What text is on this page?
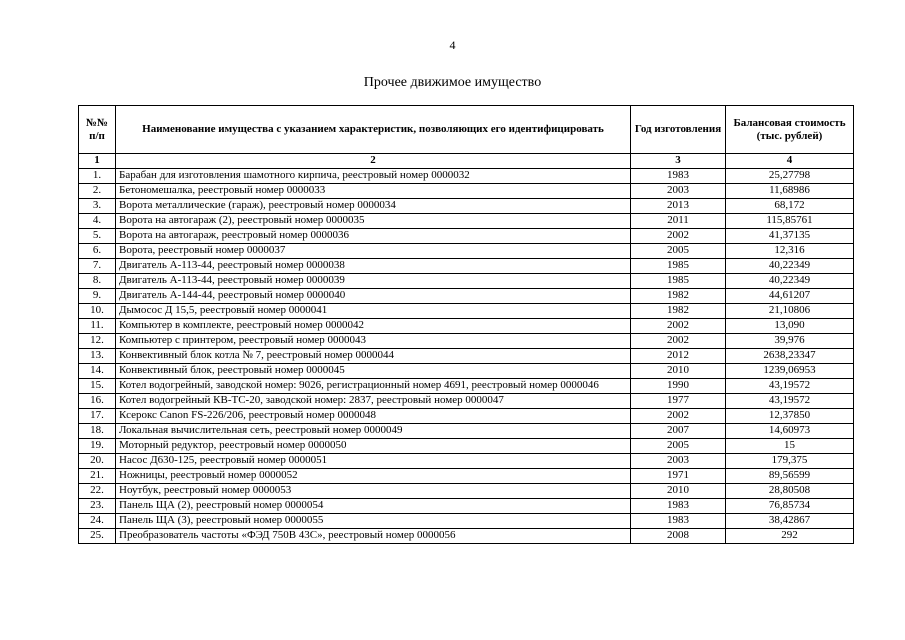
4
Прочее движимое имущество
№№ п/п	Наименование имущества с указанием характеристик, позволяющих его идентифицировать	Год изготовления	Балансовая стоимость (тыс. рублей)
1	2	3	4
1.	Барабан для изготовления шамотного кирпича, реестровый номер 0000032	1983	25,27798
2.	Бетономешалка, реестровый номер 0000033	2003	11,68986
3.	Ворота металлические (гараж), реестровый номер 0000034	2013	68,172
4.	Ворота на автогараж (2), реестровый номер 0000035	2011	115,85761
5.	Ворота на автогараж, реестровый номер 0000036	2002	41,37135
6.	Ворота, реестровый номер 0000037	2005	12,316
7.	Двигатель А-113-44, реестровый номер 0000038	1985	40,22349
8.	Двигатель А-113-44, реестровый номер 0000039	1985	40,22349
9.	Двигатель А-144-44, реестровый номер 0000040	1982	44,61207
10.	Дымосос Д 15,5, реестровый номер 0000041	1982	21,10806
11.	Компьютер в комплекте, реестровый номер 0000042	2002	13,090
12.	Компьютер с принтером, реестровый номер 0000043	2002	39,976
13.	Конвективный блок котла № 7, реестровый номер 0000044	2012	2638,23347
14.	Конвективный блок, реестровый номер 0000045	2010	1239,06953
15.	Котел водогрейный, заводской номер: 9026, регистрационный номер 4691, реестровый номер 0000046	1990	43,19572
16.	Котел водогрейный КВ-ТС-20, заводской номер: 2837, реестровый номер 0000047	1977	43,19572
17.	Ксерокс Canon FS-226/206, реестровый номер 0000048	2002	12,37850
18.	Локальная вычислительная сеть, реестровый номер 0000049	2007	14,60973
19.	Моторный редуктор, реестровый номер 0000050	2005	15
20.	Насос Д630-125, реестровый номер 0000051	2003	179,375
21.	Ножницы, реестровый номер 0000052	1971	89,56599
22.	Ноутбук, реестровый номер 0000053	2010	28,80508
23.	Панель ЩА (2), реестровый номер 0000054	1983	76,85734
24.	Панель ЩА (3), реестровый номер 0000055	1983	38,42867
25.	Преобразователь частоты «ФЭД 750В 43С», реестровый номер 0000056	2008	292
